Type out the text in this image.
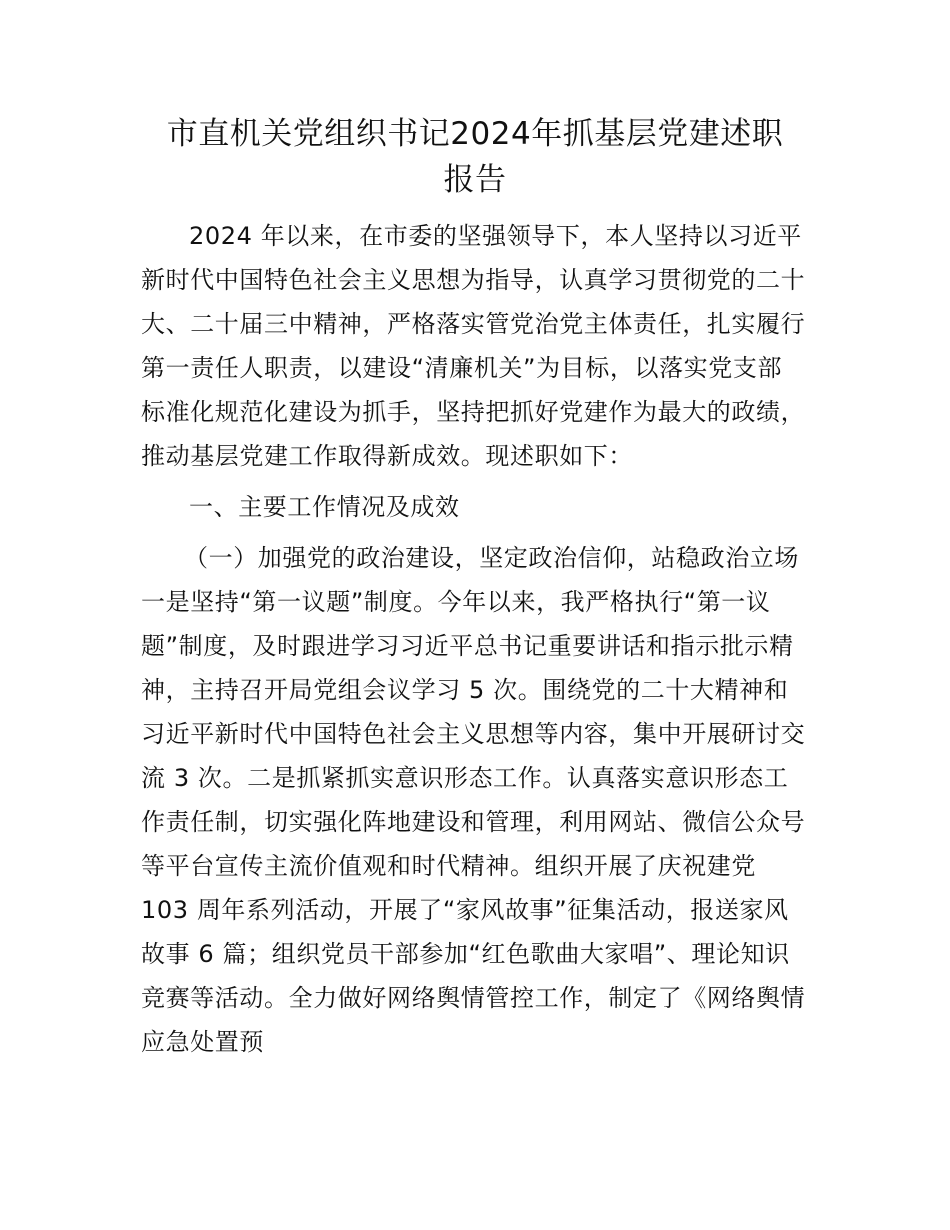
市直机关党组织书记2024年抓基层党建述职
报告
2024 年以来，在市委的坚强领导下，本人坚持以习近平
新时代中国特色社会主义思想为指导，认真学习贯彻党的二十
大、二十届三中精神，严格落实管党治党主体责任，扎实履行
第一责任人职责，以建设“清廉机关”为目标，以落实党支部
标准化规范化建设为抓手，坚持把抓好党建作为最大的政绩，
推动基层党建工作取得新成效。现述职如下：
一、主要工作情况及成效
（一）加强党的政治建设，坚定政治信仰，站稳政治立场
一是坚持“第一议题”制度。今年以来，我严格执行“第一议
题”制度，及时跟进学习习近平总书记重要讲话和指示批示精
神，主持召开局党组会议学习 5 次。围绕党的二十大精神和
习近平新时代中国特色社会主义思想等内容，集中开展研讨交
流 3 次。二是抓紧抓实意识形态工作。认真落实意识形态工
作责任制，切实强化阵地建设和管理，利用网站、微信公众号
等平台宣传主流价值观和时代精神。组织开展了庆祝建党
103 周年系列活动，开展了“家风故事”征集活动，报送家风
故事 6 篇；组织党员干部参加“红色歌曲大家唱”、理论知识
竞赛等活动。全力做好网络舆情管控工作，制定了《网络舆情
应急处置预
